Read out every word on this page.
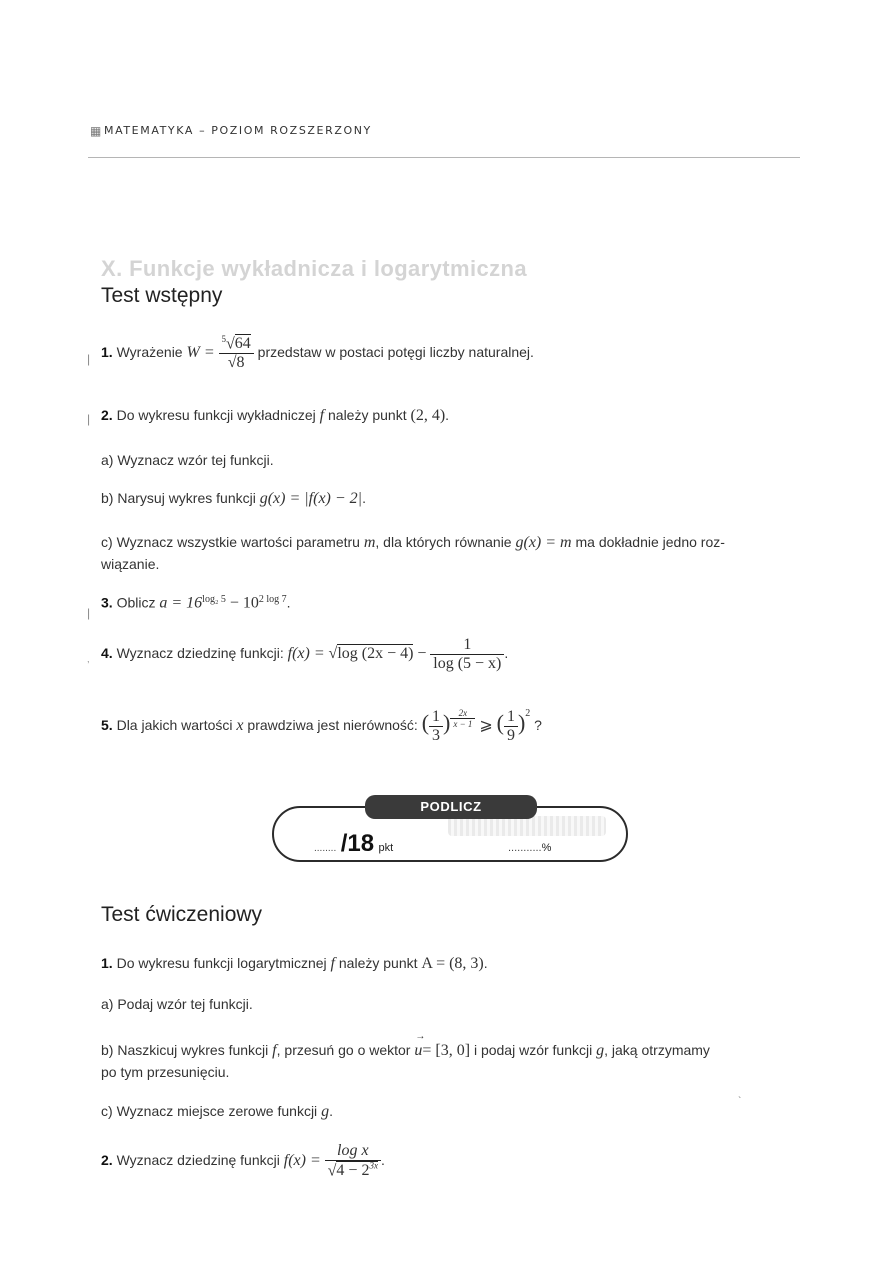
▦ MATEMATYKA – POZIOM ROZSZERZONY
X. Funkcje wykładnicza i logarytmiczna
Test wstępny
| 1. Wyrażenie $W = \frac{^5√64}{√8}$ przedstaw w postaci potęgi liczby naturalnej.
| 2. Do wykresu funkcji wykładniczej f należy punkt (2, 4).
a) Wyznacz wzór tej funkcji.
b) Narysuj wykres funkcji g(x) = |f(x) − 2|.
c) Wyznacz wszystkie wartości parametru m, dla których równanie g(x) = m ma dokładnie jedno roz-
wiązanie.
|
3. Oblicz $a = 16^{log_2 5} - 10^{2 log 7}$.
, 4. Wyznacz dziedzinę funkcji: f(x) = √log $(2x - 4) - \frac{1}{\log (5 - x)}$ .
5. Dla jakich wartości x prawdziwa jest nierówność: ( $\frac{1}{3}$ ) $^{\frac{2x}{x - 1}}$ ⩾ ( $\frac{1}{9} )^2$ ?
PODLICZ
........ /18 pkt	...........%
Test ćwiczeniowy
1. Do wykresu funkcji logarytmicznej f należy punkt A = (8, 3).
a) Podaj wzór tej funkcji.
b) Naszkicuj wykres funkcji f, przesuń go o wektor
→
u= [3, 0] i podaj wzór funkcji g, jaką otrzymamy
po tym przesunięciu.
c) Wyznacz miejsce zerowe funkcji g.
2. Wyznacz dziedzinę funkcji $f(x) = \frac{\text{log x}}{√4 - 2^{3x}}$ .
`
